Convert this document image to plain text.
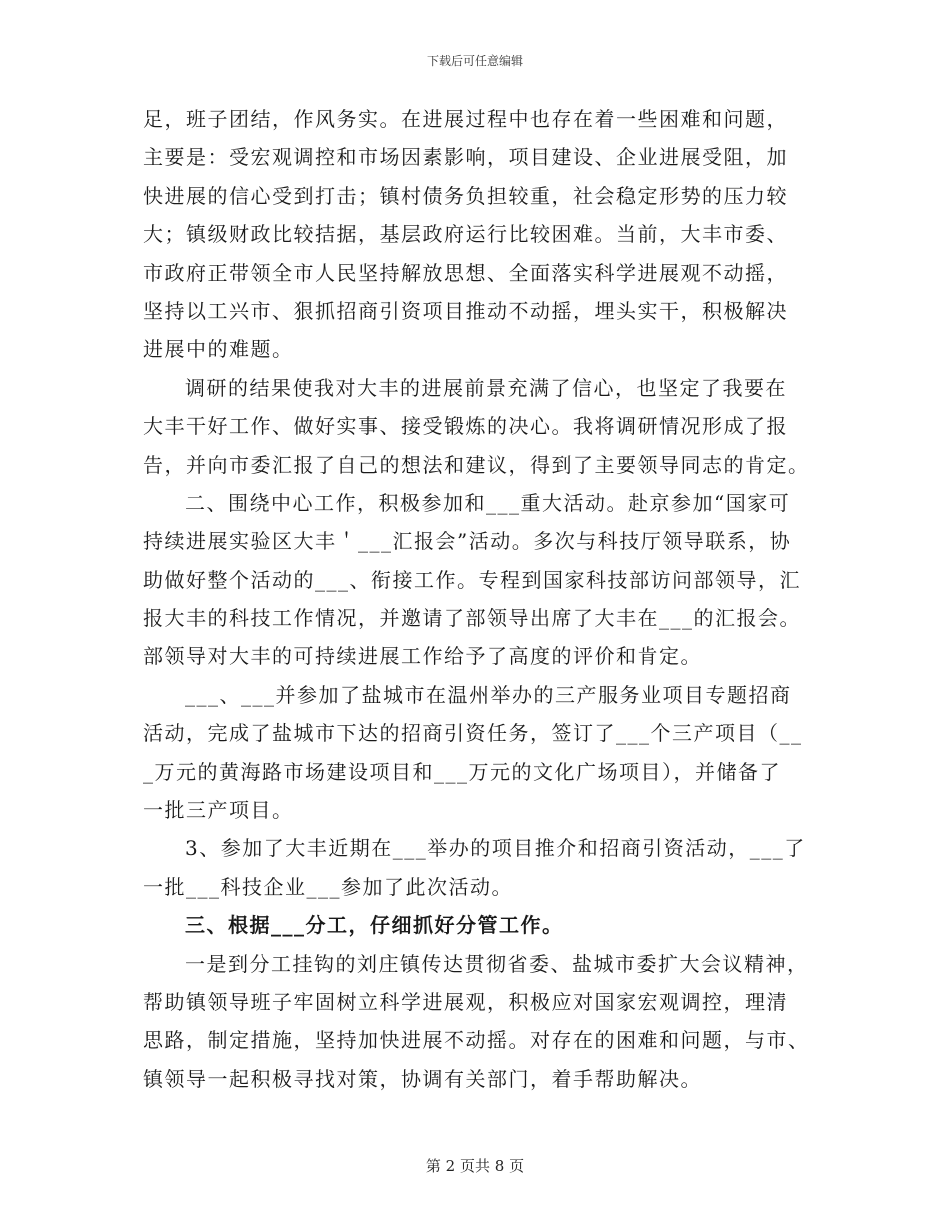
下载后可任意编辑
足，班子团结，作风务实。在进展过程中也存在着一些困难和问题，
主要是：受宏观调控和市场因素影响，项目建设、企业进展受阻，加
快进展的信心受到打击；镇村债务负担较重，社会稳定形势的压力较
大；镇级财政比较拮据，基层政府运行比较困难。当前，大丰市委、
市政府正带领全市人民坚持解放思想、全面落实科学进展观不动摇，
坚持以工兴市、狠抓招商引资项目推动不动摇，埋头实干，积极解决
进展中的难题。
调研的结果使我对大丰的进展前景充满了信心，也坚定了我要在
大丰干好工作、做好实事、接受锻炼的决心。我将调研情况形成了报
告，并向市委汇报了自己的想法和建议，得到了主要领导同志的肯定。
二、围绕中心工作，积极参加和___重大活动。赴京参加“国家可
持续进展实验区大丰＇___汇报会”活动。多次与科技厅领导联系，协
助做好整个活动的___、衔接工作。专程到国家科技部访问部领导，汇
报大丰的科技工作情况，并邀请了部领导出席了大丰在___的汇报会。
部领导对大丰的可持续进展工作给予了高度的评价和肯定。
___、___并参加了盐城市在温州举办的三产服务业项目专题招商
活动，完成了盐城市下达的招商引资任务，签订了___个三产项目（__
_万元的黄海路市场建设项目和___万元的文化广场项目），并储备了
一批三产项目。
3、参加了大丰近期在___举办的项目推介和招商引资活动，___了
一批___科技企业___参加了此次活动。
三、根据___分工，仔细抓好分管工作。
一是到分工挂钩的刘庄镇传达贯彻省委、盐城市委扩大会议精神，
帮助镇领导班子牢固树立科学进展观，积极应对国家宏观调控，理清
思路，制定措施，坚持加快进展不动摇。对存在的困难和问题，与市、
镇领导一起积极寻找对策，协调有关部门，着手帮助解决。
第 2 页共 8 页
